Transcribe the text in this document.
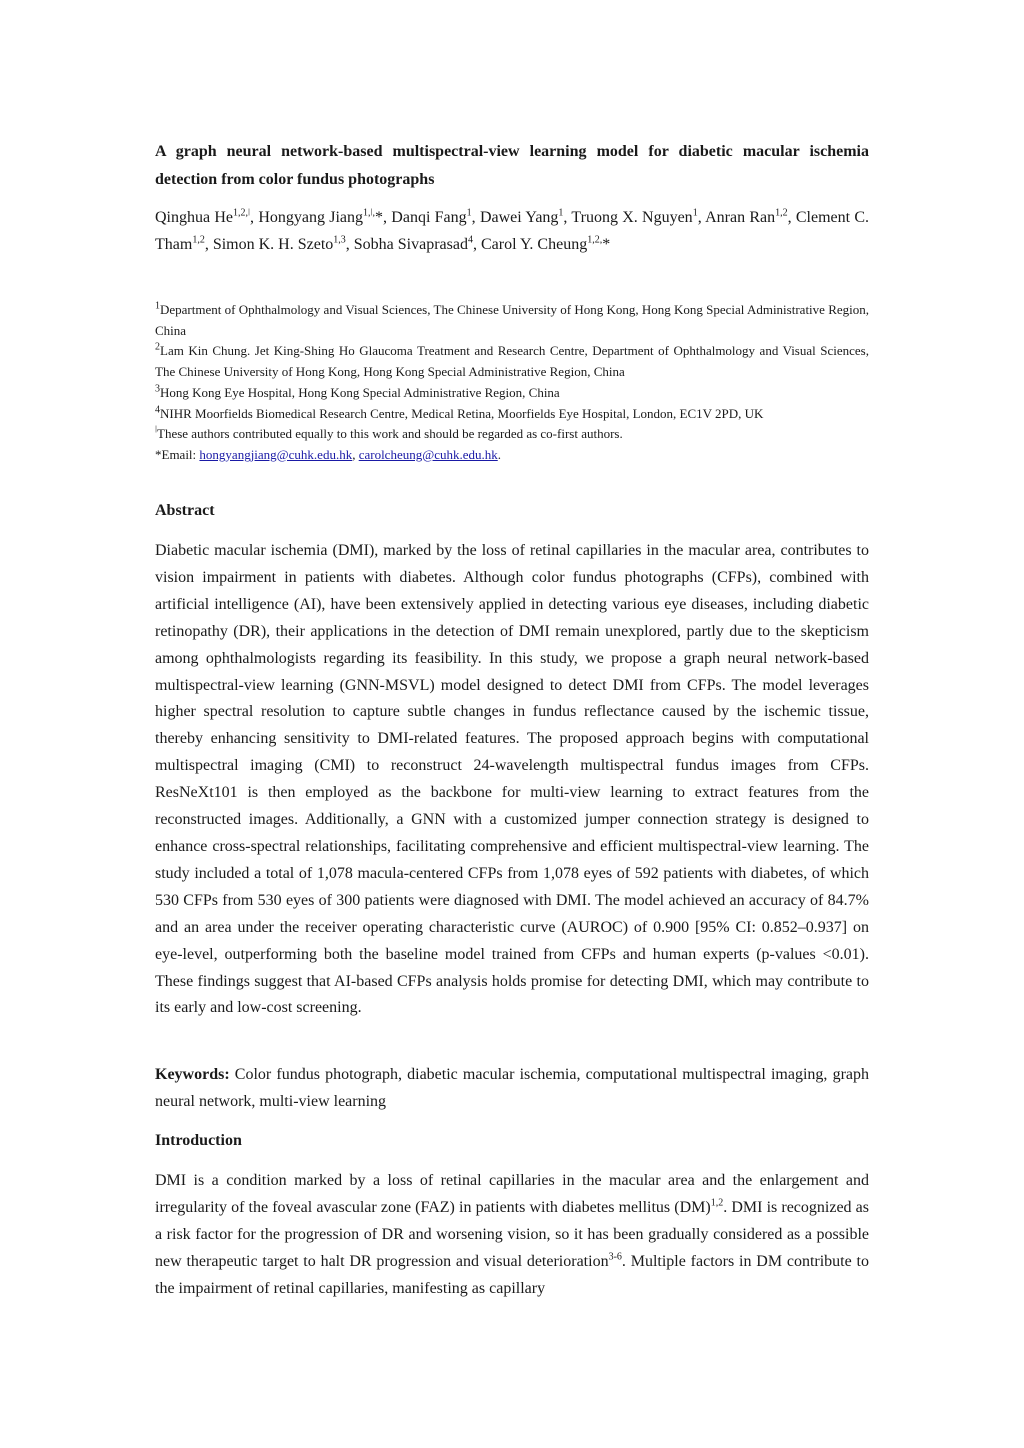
A graph neural network-based multispectral-view learning model for diabetic macular ischemia detection from color fundus photographs

Qinghua $He^{1,2,ǀ}$, Hongyang Jiang$^{1,ǀ,}$*, Danqi Fang$^1$, Dawei Yang$^1$, Truong X. Nguyen$^1$, Anran Ran$^{1,2}$, Clement C. Tham$^{1,2}$, Simon K. H. Szeto$^{1,3}$, Sobha Sivaprasad$^4$, Carol Y. Cheung$^{1,2,}$*

$^1$Department of Ophthalmology and Visual Sciences, The Chinese University of Hong Kong, Hong Kong Special Administrative Region, China

$^2$Lam Kin Chung. Jet King-Shing Ho Glaucoma Treatment and Research Centre, Department of Ophthalmology and Visual Sciences, The Chinese University of Hong Kong, Hong Kong Special Administrative Region, China

$^3$Hong Kong Eye Hospital, Hong Kong Special Administrative Region, China

$^4$NIHR Moorfields Biomedical Research Centre, Medical Retina, Moorfields Eye Hospital, London, EC1V 2PD, UK

$^ǀ$These authors contributed equally to this work and should be regarded as co-first authors.

*Email: hongyangjiang@cuhk.edu.hk, carolcheung@cuhk.edu.hk.

Abstract

Diabetic macular ischemia (DMI), marked by the loss of retinal capillaries in the macular area, contributes to vision impairment in patients with diabetes. Although color fundus photographs (CFPs), combined with artificial intelligence (AI), have been extensively applied in detecting various eye diseases, including diabetic retinopathy (DR), their applications in the detection of DMI remain unexplored, partly due to the skepticism among ophthalmologists regarding its feasibility. In this study, we propose a graph neural network-based multispectral-view learning (GNN-MSVL) model designed to detect DMI from CFPs. The model leverages higher spectral resolution to capture subtle changes in fundus reflectance caused by the ischemic tissue, thereby enhancing sensitivity to DMI-related features. The proposed approach begins with computational multispectral imaging (CMI) to reconstruct 24-wavelength multispectral fundus images from CFPs. ResNeXt101 is then employed as the backbone for multi-view learning to extract features from the reconstructed images. Additionally, a GNN with a customized jumper connection strategy is designed to enhance cross-spectral relationships, facilitating comprehensive and efficient multispectral-view learning. The study included a total of 1,078 macula-centered CFPs from 1,078 eyes of 592 patients with diabetes, of which 530 CFPs from 530 eyes of 300 patients were diagnosed with DMI. The model achieved an accuracy of 84.7% and an area under the receiver operating characteristic curve (AUROC) of 0.900 [95% CI: 0.852–0.937] on eye-level, outperforming both the baseline model trained from CFPs and human experts (p-values <0.01). These findings suggest that AI-based CFPs analysis holds promise for detecting DMI, which may contribute to its early and low-cost screening.

Keywords: Color fundus photograph, diabetic macular ischemia, computational multispectral imaging, graph neural network, multi-view learning

Introduction

DMI is a condition marked by a loss of retinal capillaries in the macular area and the enlargement and irregularity of the foveal avascular zone (FAZ) in patients with diabetes mellitus (DM)$^{1,2}$. DMI is recognized as a risk factor for the progression of DR and worsening vision, so it has been gradually considered as a possible new therapeutic target to halt DR progression and visual deterioration$^{3-6}$. Multiple factors in DM contribute to the impairment of retinal capillaries, manifesting as capillary
